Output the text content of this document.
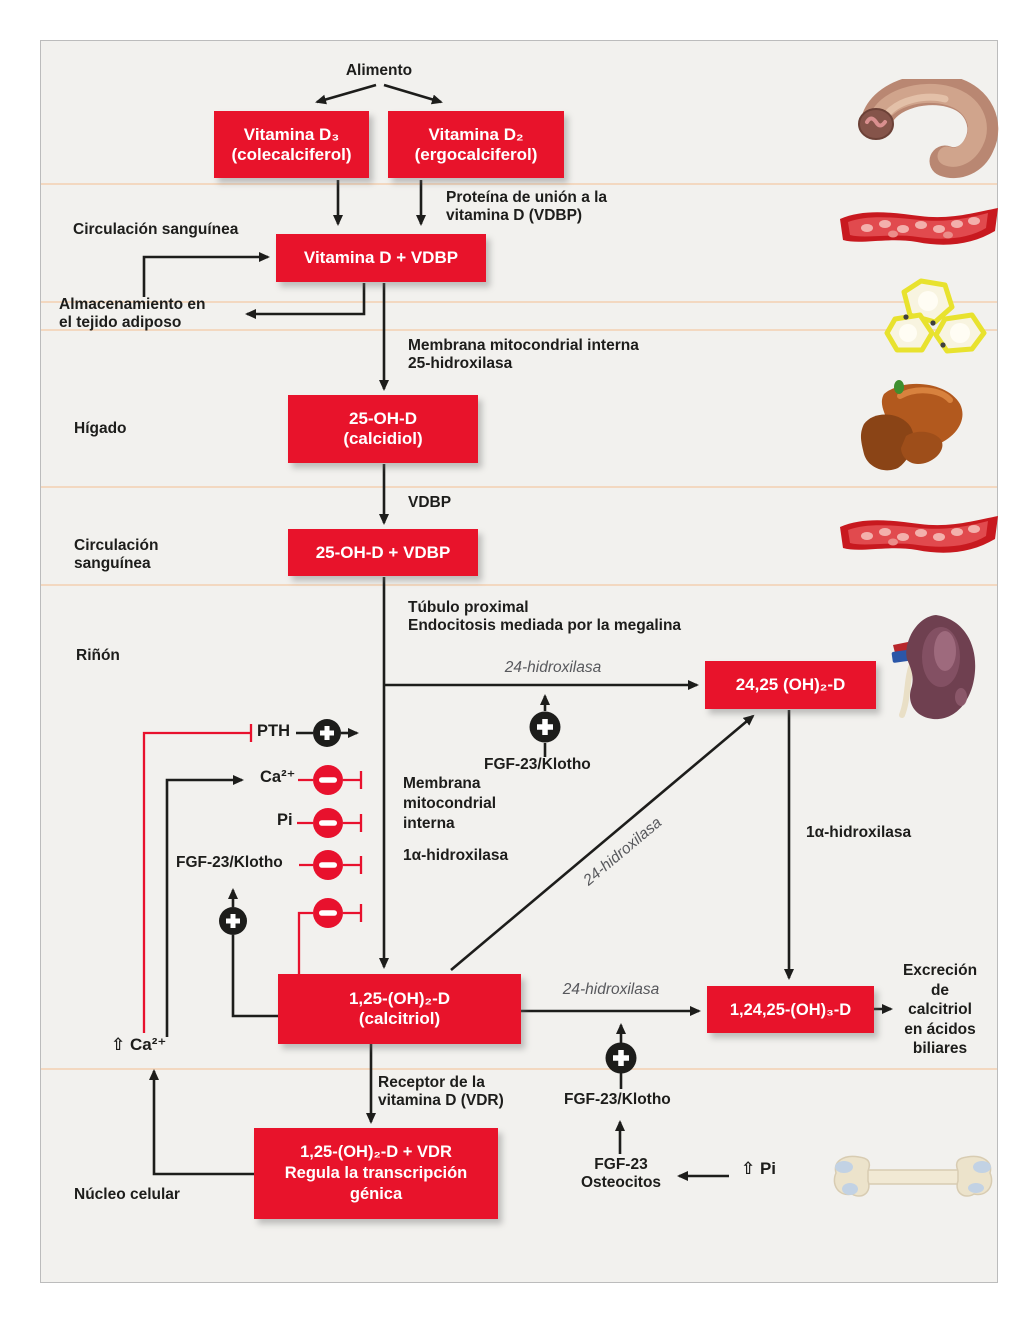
Vitamina D₃
(colecalciferol)
Vitamina D₂
(ergocalciferol)
Vitamina D + VDBP
25-OH-D
(calcidiol)
25-OH-D + VDBP
24,25 (OH)₂-D
1,25-(OH)₂-D
(calcitriol)	1,24,25-(OH)₃-D
1,25-(OH)₂-D + VDR
Regula la transcripción
génica
Circulación sanguínea
Almacenamiento en
el tejido adiposo
Hígado
Circulación
sanguínea
Riñón
Núcleo celular
Alimento
Proteína de unión a la
vitamina D (VDBP)
Membrana mitocondrial interna
25-hidroxilasa
VDBP
Túbulo proximal
Endocitosis mediada por la megalina
24-hidroxilasa
Membrana
mitocondrial
interna
1α-hidroxilasa
1α-hidroxilasa
24-hidroxilasa
24-hidroxilasa
Receptor de la
vitamina D (VDR)
FGF-23/Klotho
FGF-23/Klotho
FGF-23/Klotho
FGF-23
Osteocitos
⇧ Pi
⇧ Ca²⁺
Excreción
de
calcitriol
en ácidos
biliares
PTH
Ca²⁺
Pi
